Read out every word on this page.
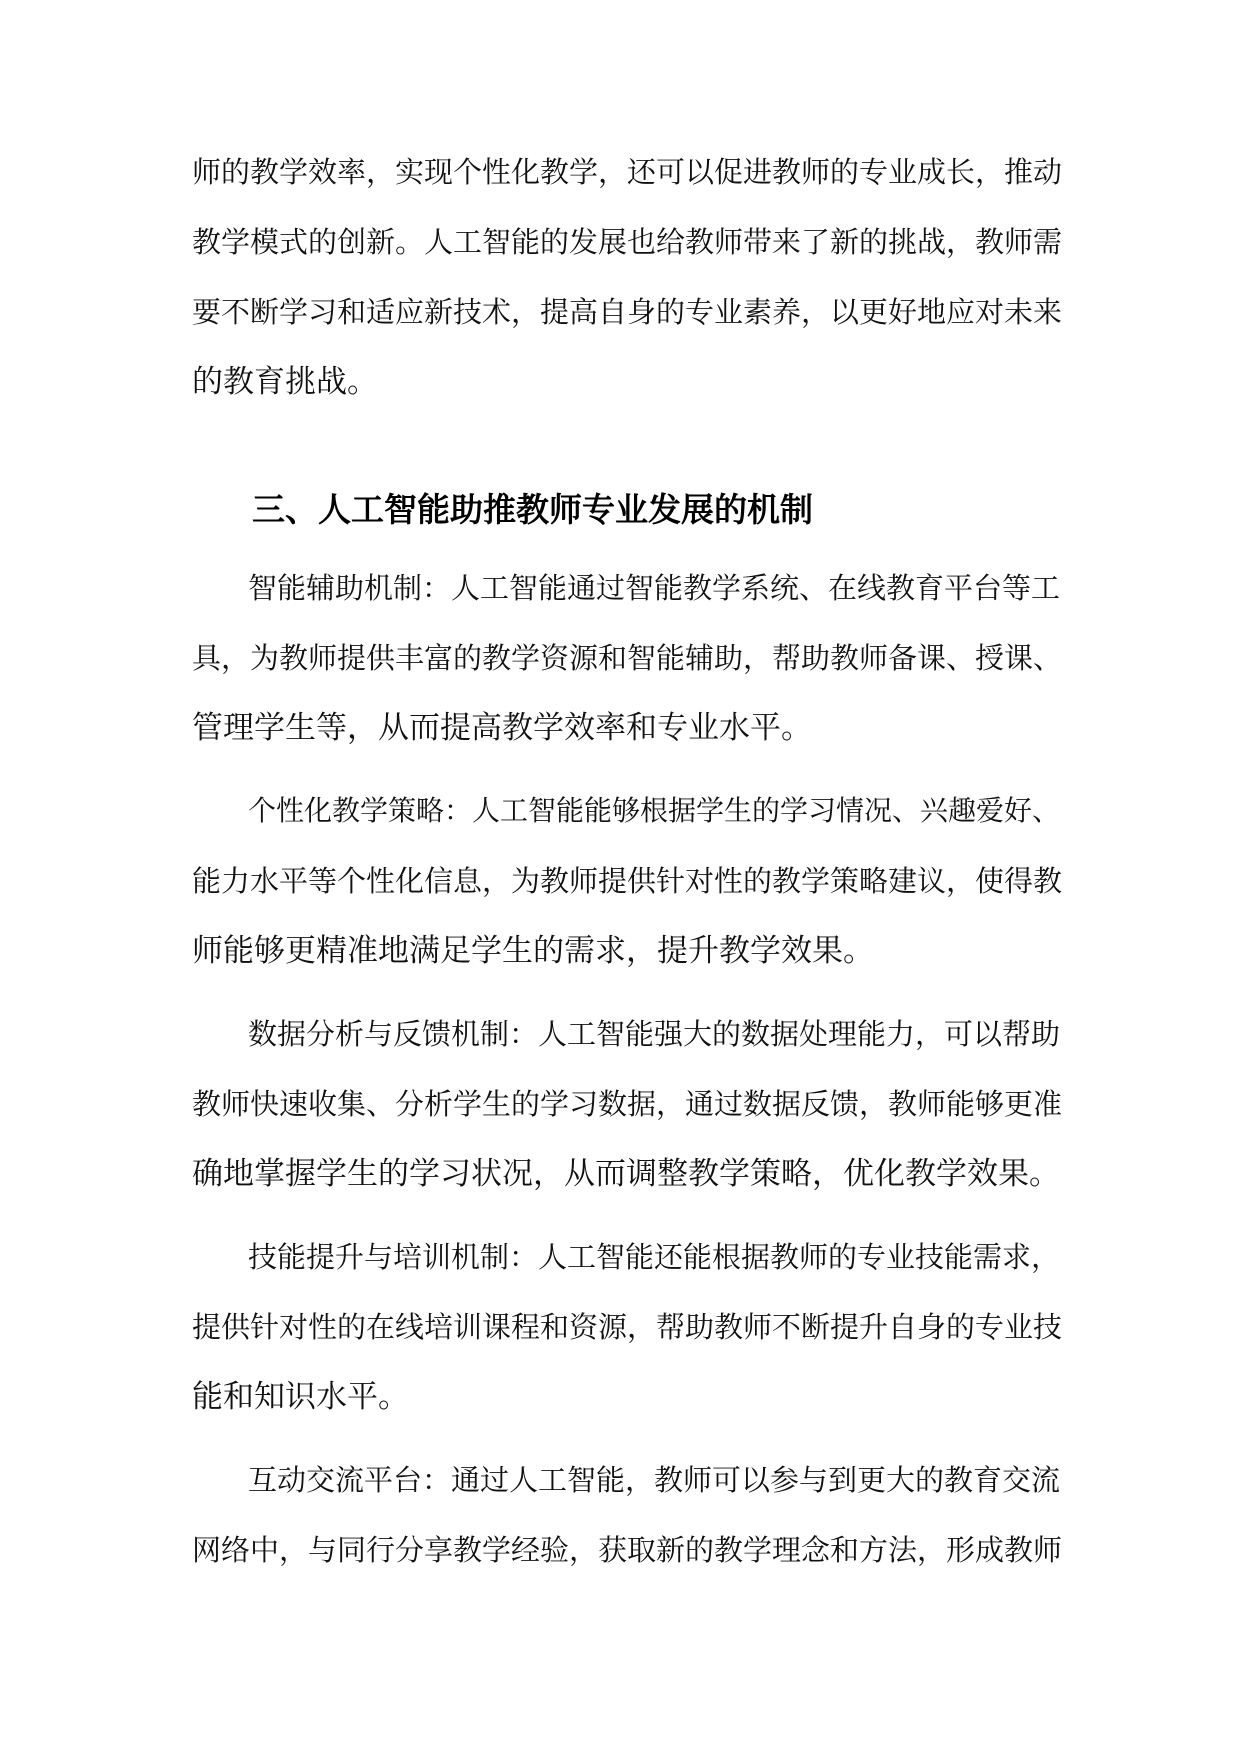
师的教学效率，实现个性化教学，还可以促进教师的专业成长，推动
教学模式的创新。人工智能的发展也给教师带来了新的挑战，教师需
要不断学习和适应新技术，提高自身的专业素养，以更好地应对未来
的教育挑战。
三、人工智能助推教师专业发展的机制
智能辅助机制：人工智能通过智能教学系统、在线教育平台等工
具，为教师提供丰富的教学资源和智能辅助，帮助教师备课、授课、
管理学生等，从而提高教学效率和专业水平。
个性化教学策略：人工智能能够根据学生的学习情况、兴趣爱好、
能力水平等个性化信息，为教师提供针对性的教学策略建议，使得教
师能够更精准地满足学生的需求，提升教学效果。
数据分析与反馈机制：人工智能强大的数据处理能力，可以帮助
教师快速收集、分析学生的学习数据，通过数据反馈，教师能够更准
确地掌握学生的学习状况，从而调整教学策略，优化教学效果。
技能提升与培训机制：人工智能还能根据教师的专业技能需求，
提供针对性的在线培训课程和资源，帮助教师不断提升自身的专业技
能和知识水平。
互动交流平台：通过人工智能，教师可以参与到更大的教育交流
网络中，与同行分享教学经验，获取新的教学理念和方法，形成教师
